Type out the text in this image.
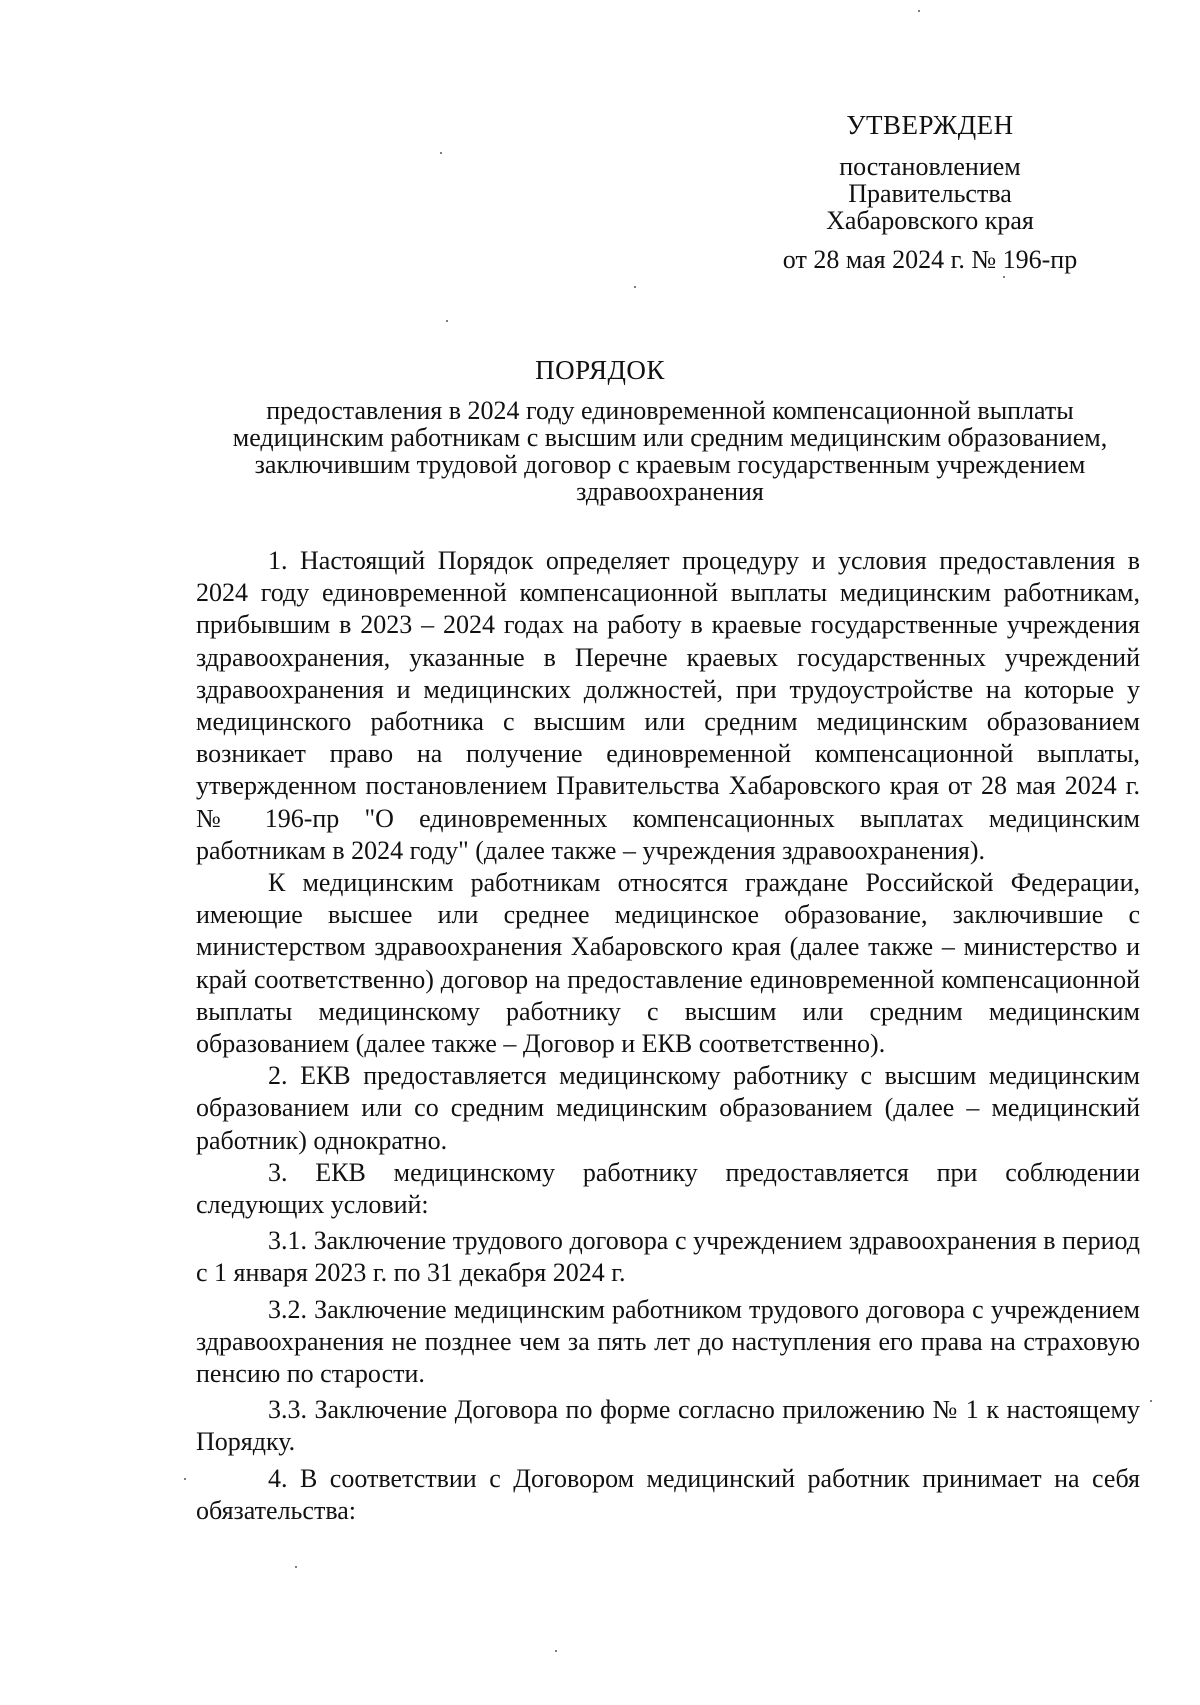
УТВЕРЖДЕН
постановлением
Правительства
Хабаровского края
от 28 мая 2024 г. № 196-пр
ПОРЯДОК
предоставления в 2024 году единовременной компенсационной выплаты медицинским работникам с высшим или средним медицинским образованием, заключившим трудовой договор с краевым государственным учреждением здравоохранения

1. Настоящий Порядок определяет процедуру и условия предоставления в 2024 году единовременной компенсационной выплаты медицинским работникам, прибывшим в 2023 – 2024 годах на работу в краевые государственные учреждения здравоохранения, указанные в Перечне краевых государственных учреждений здравоохранения и медицинских должностей, при трудоустройстве на которые у медицинского работника с высшим или средним медицинским образованием возникает право на получение единовременной компенсационной выплаты, утвержденном постановлением Правительства Хабаровского края от 28 мая 2024 г. № 196-пр "О единовременных компенсационных выплатах медицинским работникам в 2024 году" (далее также – учреждения здравоохранения).

К медицинским работникам относятся граждане Российской Федерации, имеющие высшее или среднее медицинское образование, заключившие с министерством здравоохранения Хабаровского края (далее также – министерство и край соответственно) договор на предоставление единовременной компенсационной выплаты медицинскому работнику с высшим или средним медицинским образованием (далее также – Договор и ЕКВ соответственно).

2. ЕКВ предоставляется медицинскому работнику с высшим медицинским образованием или со средним медицинским образованием (далее – медицинский работник) однократно.

3. ЕКВ медицинскому работнику предоставляется при соблюдении следующих условий:

3.1. Заключение трудового договора с учреждением здравоохранения в период с 1 января 2023 г. по 31 декабря 2024 г.

3.2. Заключение медицинским работником трудового договора с учреждением здравоохранения не позднее чем за пять лет до наступления его права на страховую пенсию по старости.

3.3. Заключение Договора по форме согласно приложению № 1 к настоящему Порядку.

4. В соответствии с Договором медицинский работник принимает на себя обязательства:
